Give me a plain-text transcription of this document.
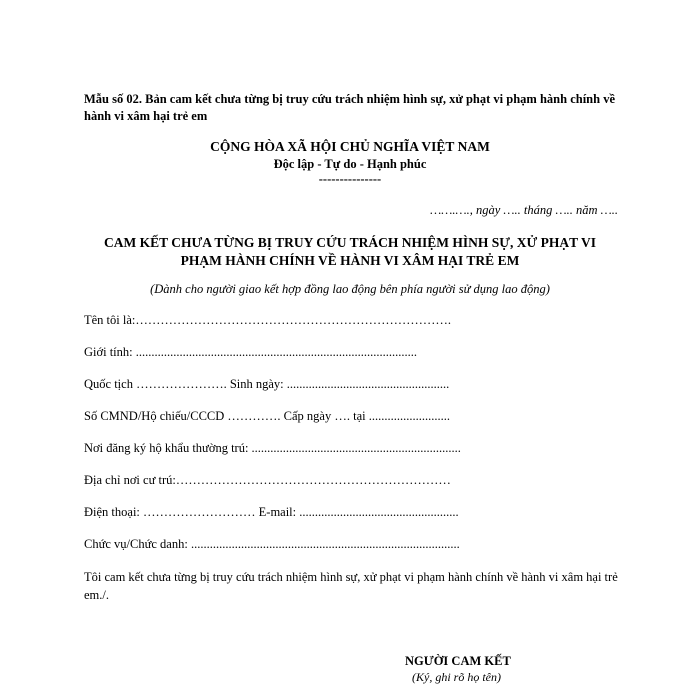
Mẫu số 02. Bản cam kết chưa từng bị truy cứu trách nhiệm hình sự, xử phạt vi phạm hành chính về hành vi xâm hại trẻ em
CỘNG HÒA XÃ HỘI CHỦ NGHĨA VIỆT NAM
Độc lập - Tự do - Hạnh phúc
---------------
…….…., ngày ….. tháng ….. năm …..
CAM KẾT CHƯA TỪNG BỊ TRUY CỨU TRÁCH NHIỆM HÌNH SỰ, XỬ PHẠT VI
PHẠM HÀNH CHÍNH VỀ HÀNH VI XÂM HẠI TRẺ EM
(Dành cho người giao kết hợp đồng lao động bên phía người sử dụng lao động)
Tên tôi là:………………………………………………………………….
Giới tính: ..........................................................................................
Quốc tịch …………………. Sinh ngày: ....................................................
Số CMND/Hộ chiếu/CCCD …………. Cấp ngày …. tại ..........................
Nơi đăng ký hộ khẩu thường trú: ...................................................................
Địa chỉ nơi cư trú:…………………………………………………………
Điện thoại: ……………………… E-mail: ...................................................
Chức vụ/Chức danh: ......................................................................................
Tôi cam kết chưa từng bị truy cứu trách nhiệm hình sự, xử phạt vi phạm hành chính về hành vi xâm hại trẻ em./.
NGƯỜI CAM KẾT
(Ký, ghi rõ họ tên)
